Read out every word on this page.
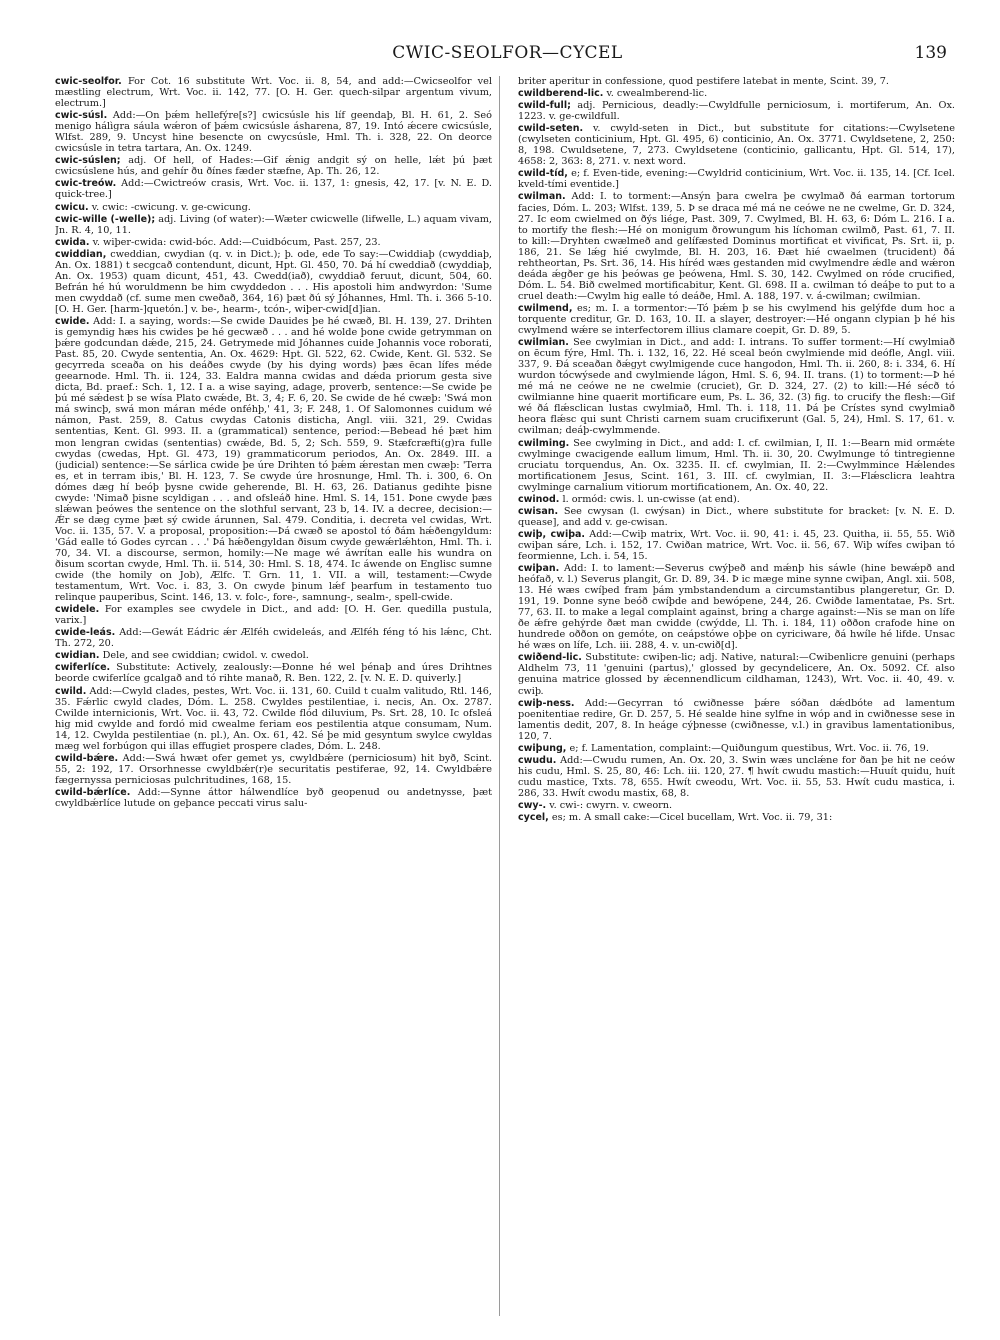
CWIC-SEOLFOR—CYCEL	139

cwic-seolfor. For Cot. 16 substitute Wrt. Voc. ii. 8, 54, and add:—Cwicseolfor vel mæstling electrum, Wrt. Voc. ii. 142, 77. [O. H. Ger. quech-silpar argentum vivum, electrum.]

cwic-súsl. Add:—On þǽm hellefýre[s?] cwicsúsle his líf geendaþ, Bl. H. 61, 2. Seó menigo hálìgra sáula wǽron of þǽm cwicsúsle ásharena, 87, 19. Intó ǽcere cwicsúsle, Wlfst. 289, 9. Uncyst hine besencte on cwycsúsle, Hml. Th. i. 328, 22. On deorce cwicsúsle in tetra tartara, An. Ox. 1249.

cwic-súslen; adj. Of hell, of Hades:—Gif ǽnig andgit sý on helle, lǽt þú þæt cwicsúslene hús, and gehír ðu ðínes fæder stæfne, Ap. Th. 26, 12.

cwic-treów. Add:—Cwictreów crasis, Wrt. Voc. ii. 137, 1: gnesis, 42, 17. [v. N. E. D. quick-tree.]

cwicu. v. cwic: -cwicung. v. ge-cwicung.

cwic-wille (-welle); adj. Living (of water):—Wæter cwicwelle (lifwelle, L.) aquam vivam, Jn. R. 4, 10, 11.

cwida. v. wiþer-cwida: cwid-bóc. Add:—Cuidbócum, Past. 257, 23.

cwiddian, cweddian, cwydian (q. v. in Dict.); þ. ode, ede To say:—Cwiddiaþ (cwyddiaþ, An. Ox. 1881) t secgcað contendunt, dicunt, Hpt. Gl. 450, 70. Þá hí cweddiað (cwyddiaþ, An. Ox. 1953) quam dicunt, 451, 43. Cwedd(iað), cwyddiað feruut, dicunt, 504, 60. Befrán hé hú woruldmenn be him cwyddedon . . . His apostoli him andwyrdon: 'Sume men cwyddað (cf. sume men cweðað, 364, 16) þæt ðú sý Jóhannes, Hml. Th. i. 366 5-10. [O. H. Ger. [harm-]quetón.] v. be-, hearm-, tcón-, wiþer-cwid[d]ian.

cwide. Add: I. a saying, words:—Se cwide Dauides þe hé cwæð, Bl. H. 139, 27. Drihten is gemyndig hæs his cwides þe hé gecwæð . . . and hé wolde þone cwide getrymman on þǽre godcundan dǽde, 215, 24. Getrymede mid Jóhannes cuide Johannis voce roborati, Past. 85, 20. Cwyde sententia, An. Ox. 4629: Hpt. Gl. 522, 62. Cwide, Kent. Gl. 532. Se gecyrreda sceaða on his deáðes cwyde (by his dying words) þæs ēcan lífes méde geearnode. Hml. Th. ii. 124, 33. Ealdra manna cwidas and dǽda priorum gesta sive dicta, Bd. praef.: Sch. 1, 12. I a. a wise saying, adage, proverb, sentence:—Se cwide þe þú mé sǽdest þ se wísa Plato cwǽde, Bt. 3, 4; F. 6, 20. Se cwide de hé cwæþ: 'Swá mon má swincþ, swá mon máran méde onféhþ,' 41, 3; F. 248, 1. Of Salomonnes cuidum wé námon, Past. 259, 8. Catus cwydas Catonis disticha, Angl. viii. 321, 29. Cwidas sententias, Kent. Gl. 993. II. a (grammatical) sentence, period:—Bebead hé þæt him mon lengran cwidas (sententias) cwǽde, Bd. 5, 2; Sch. 559, 9. Stæfcræfti(g)ra fulle cwydas (cwedas, Hpt. Gl. 473, 19) grammaticorum periodos, An. Ox. 2849. III. a (judicial) sentence:—Se sárlica cwide þe úre Drihten tó þǽm ǽrestan men cwæþ: 'Terra es, et in terram ibis,' Bl. H. 123, 7. Se cwyde úre hrosnunge, Hml. Th. i. 300, 6. On dómes dæg hí beóþ þysne cwide geherende, Bl. H. 63, 26. Datianus gedihte þisne cwyde: 'Nimað þisne scyldigan . . . and ofsleáð hine. Hml. S. 14, 151. Þone cwyde þæs slǽwan þeówes the sentence on the slothful servant, 23 b, 14. IV. a decree, decision:—Ǽr se dæg cyme þæt sý cwide árunnen, Sal. 479. Conditia, i. decreta vel cwidas, Wrt. Voc. ii. 135, 57. V. a proposal, proposition:—Þá cwæð se apostol tó ðám hǽðengyldum: 'Gád ealle tó Godes cyrcan . . .' Þá hǽðengyldan ðisum cwyde gewǽrlǽhton, Hml. Th. i. 70, 34. VI. a discourse, sermon, homily:—Ne mage wé áwrítan ealle his wundra on ðisum scortan cwyde, Hml. Th. ii. 514, 30: Hml. S. 18, 474. Ic áwende on Englisc sumne cwide (the homily on Job), Ælfc. T. Grn. 11, 1. VII. a will, testament:—Cwyde testamentum, Wrt. Voc. i. 83, 3. On cwyde þinum lǽf þearfum in testamento tuo relinque pauperibus, Scint. 146, 13. v. folc-, fore-, samnung-, sealm-, spell-cwide.

cwidele. For examples see cwydele in Dict., and add: [O. H. Ger. quedilla pustula, varix.]

cwide-leás. Add:—Gewát Eádric ǽr Ælféh cwideleás, and Ælféh féng tó his lǽnc, Cht. Th. 272, 20.

cwidian. Dele, and see cwiddian; cwidol. v. cwedol.

cwiferlíce. Substitute: Actively, zealously:—Ðonne hé wel þénaþ and úres Drihtnes beorde cwiferlíce gcalgað and tó rihte manað, R. Ben. 122, 2. [v. N. E. D. quiverly.]

cwild. Add:—Cwyld clades, pestes, Wrt. Voc. ii. 131, 60. Cuild t cualm valitudo, Rtl. 146, 35. Fǽrlic cwyld clades, Dóm. L. 258. Cwyldes pestilentiae, i. necis, An. Ox. 2787. Cwilde internicionis, Wrt. Voc. ii. 43, 72. Cwilde flód diluvium, Ps. Srt. 28, 10. Ic ofsleá hig mid cwylde and fordó mid cwealme feriam eos pestilentia atque consumam, Num. 14, 12. Cwylda pestilentiae (n. pl.), An. Ox. 61, 42. Sé þe mid gesyntum swylce cwyldas mæg wel forbúgon qui illas effugiet prospere clades, Dóm. L. 248.

cwild-bǽre. Add:—Swá hwæt ofer gemet ys, cwyldbǽre (perniciosum) hit byð, Scint. 55, 2: 192, 17. Orsorhnesse cwyldbǽr(r)e securitatis pestiferae, 92, 14. Cwyldbǽre fægernyssa perniciosas pulchritudines, 168, 15.

cwild-bǽrlíce. Add:—Synne áttor hálwendlíce byð geopenud ou andetnysse, þæt cwyldbǽrlíce lutude on geþance peccati virus salu-

briter aperitur in confessione, quod pestifere latebat in mente, Scint. 39, 7.

cwildberend-lic. v. cwealmberend-lic.

cwild-full; adj. Pernicious, deadly:—Cwyldfulle perniciosum, i. mortiferum, An. Ox. 1223. v. ge-cwildfull.

cwild-seten. v. cwyld-seten in Dict., but substitute for citations:—Cwylsetene (cwylseten conticinium, Hpt. Gl. 495, 6) conticinio, An. Ox. 3771. Cwyldsetene, 2, 250: 8, 198. Cwuldsetene, 7, 273. Cwyldsetene (conticinio, gallicantu, Hpt. Gl. 514, 17), 4658: 2, 363: 8, 271. v. next word.

cwild-tíd, e; f. Even-tide, evening:—Cwyldrid conticinium, Wrt. Voc. ii. 135, 14. [Cf. Icel. kveld-tími eventide.]

cwilman. Add: I. to torment:—Ansýn þara cwelra þe cwylmað ðá earman tortorum facies, Dóm. L. 203; Wlfst. 139, 5. Þ se draca mé má ne ceówe ne ne cwelme, Gr. D. 324, 27. Ic eom cwielmed on ðýs liége, Past. 309, 7. Cwylmed, Bl. H. 63, 6: Dóm L. 216. I a. to mortify the flesh:—Hé on monigum ðrowungum his líchoman cwilmð, Past. 61, 7. II. to kill:—Dryhten cwælmeð and gelífæsted Dominus mortificat et vivificat, Ps. Srt. ii, p. 186, 21. Se lǽg hié cwylmde, Bl. H. 203, 16. Ðæt hié cwaelmen (trucident) ðá rehtheortan, Ps. Srt. 36, 14. His híréd wæs gestanden mid cwylmendre ǽdle and wǽron deáda ǽgðer ge his þeówas ge þeówena, Hml. S. 30, 142. Cwylmed on róde crucified, Dóm. L. 54. Bið cwelmed mortificabitur, Kent. Gl. 698. II a. cwilman tó deáþe to put to a cruel death:—Cwylm hig ealle tó deáðe, Hml. A. 188, 197. v. á-cwilman; cwilmian.

cwilmend, es; m. I. a tormentor:—Tó þǽm þ se his cwylmend his gelýfde dum hoc a torquente creditur, Gr. D. 163, 10. II. a slayer, destroyer:—Hé ongann clypian þ hé his cwylmend wǽre se interfectorem illius clamare coepit, Gr. D. 89, 5.

cwilmian. See cwylmian in Dict., and add: I. intrans. To suffer torment:—Hí cwylmiað on ēcum fýre, Hml. Th. i. 132, 16, 22. Hé sceal beón cwylmiende mid deófle, Angl. viii. 337, 9. Ðá sceaðan ðǽgyt cwylmigende cuce hangodon, Hml. Th. ii. 260, 8: i. 334, 6. Hí wurdon tócwýsede and cwylmiende lágon, Hml. S. 6, 94. II. trans. (1) to torment:—Þ hé mé má ne ceówe ne ne cwelmie (cruciet), Gr. D. 324, 27. (2) to kill:—Hé sécð tó cwilmianne hine quaerit mortificare eum, Ps. L. 36, 32. (3) fig. to crucify the flesh:—Gif wé ðá flǽsclican lustas cwylmiað, Hml. Th. i. 118, 11. Þá þe Crístes synd cwylmiað heora flǽsc qui sunt Christi carnem suam crucifixerunt (Gal. 5, 24), Hml. S. 17, 61. v. cwilman; deáþ-cwylmmende.

cwilming. See cwylming in Dict., and add: I. cf. cwilmian, I, II. 1:—Bearn mid ormǽte cwylminge cwacigende eallum limum, Hml. Th. ii. 30, 20. Cwylmunge tó tintregienne cruciatu torquendus, An. Ox. 3235. II. cf. cwylmian, II. 2:—Cwylmmince Hǽlendes mortificationem Jesus, Scint. 161, 3. III. cf. cwylmian, II. 3:—Flǽsclicra leahtra cwylminge carnalium vitiorum mortificationem, An. Ox. 40, 22.

cwinod. l. ormód: cwis. l. un-cwisse (at end).

cwisan. See cwysan (l. cwýsan) in Dict., where substitute for bracket: [v. N. E. D. quease], and add v. ge-cwisan.

cwiþ, cwiþa. Add:—Cwiþ matrix, Wrt. Voc. ii. 90, 41: i. 45, 23. Quitha, ii. 55, 55. Wið cwiþan sáre, Lch. i. 152, 17. Cwiðan matrice, Wrt. Voc. ii. 56, 67. Wiþ wífes cwiþan tó feormienne, Lch. i. 54, 15.

cwiþan. Add: I. to lament:—Severus cwýþeð and mǽnþ his sáwle (hine bewǽpð and heófað, v. l.) Severus plangit, Gr. D. 89, 34. Þ ic mæge mine synne cwiþan, Angl. xii. 508, 13. Hé wæs cwíþed fram þám ymbstandendum a circumstantibus plangeretur, Gr. D. 191, 19. Þonne syne beóð cwíþde and bewópene, 244, 26. Cwiðde lamentatae, Ps. Srt. 77, 63. II. to make a legal complaint against, bring a charge against:—Nis se man on lífe ðe ǽfre gehýrde ðæt man cwidde (cwýdde, Ll. Th. i. 184, 11) oððon crafode hine on hundrede oððon on gemóte, on ceápstówe oþþe on cyriciware, ðá hwíle hé lifde. Unsac hé wæs on lífe, Lch. iii. 288, 4. v. un-cwið[d].

cwiðend-lic. Substitute: cwiþen-lic; adj. Native, natural:—Cwibenlicre genuini (perhaps Aldhelm 73, 11 'genuini (partus),' glossed by gecyndelicere, An. Ox. 5092. Cf. also genuina matrice glossed by ǽcennendlicum cildhaman, 1243), Wrt. Voc. ii. 40, 49. v. cwiþ.

cwiþ-ness. Add:—Gecyrran tó cwiðnesse þǽre sóðan dǽdbóte ad lamentum poenitentiae redire, Gr. D. 257, 5. Hé sealde hine sylfne in wóp and in cwiðnesse sese in lamentis dedit, 207, 8. In heáge cýþnesse (cwiðnesse, v.l.) in gravibus lamentationibus, 120, 7.

cwiþung, e; f. Lamentation, complaint:—Quiðungum questibus, Wrt. Voc. ii. 76, 19.

cwudu. Add:—Cwudu rumen, An. Ox. 20, 3. Swin wæs unclǽne for ðan þe hit ne ceów his cudu, Hml. S. 25, 80, 46: Lch. iii. 120, 27. ¶ hwít cwudu mastich:—Huuít quidu, huít cudu mastice, Txts. 78, 655. Hwít cweodu, Wrt. Voc. ii. 55, 53. Hwít cudu mastica, i. 286, 33. Hwít cwodu mastix, 68, 8.

cwy-. v. cwi-: cwyrn. v. cweorn.

cycel, es; m. A small cake:—Cicel bucellam, Wrt. Voc. ii. 79, 31:
